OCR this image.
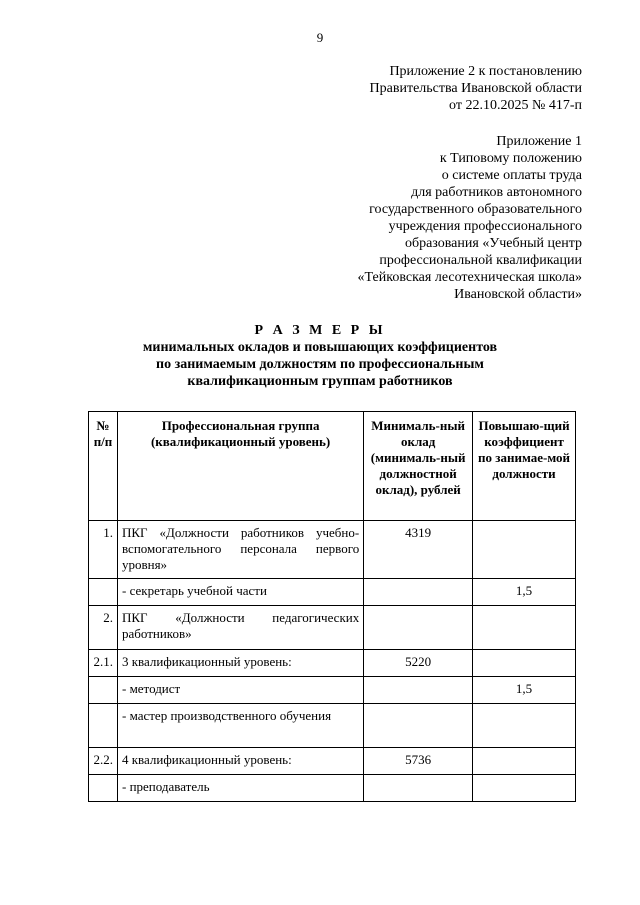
9
Приложение 2 к постановлению
Правительства Ивановской области
от 22.10.2025 № 417-п
Приложение 1
к Типовому положению
о системе оплаты труда
для работников автономного
государственного образовательного
учреждения профессионального
образования «Учебный центр
профессиональной квалификации
«Тейковская лесотехническая школа»
Ивановской области»
Р А З М Е Р Ы
минимальных окладов и повышающих коэффициентов
по занимаемым должностям по профессиональным
квалификационным группам работников
№ п/п	Профессиональная группа (квалификационный уровень)	Минималь-ный оклад (минималь-ный должностной оклад), рублей	Повышаю-щий коэффициент по занимае-мой должности
1.	ПКГ «Должности работников учебно-вспомогательного персонала первого уровня»	4319	
	- секретарь учебной части		1,5
2.	ПКГ «Должности педагогических работников»		
2.1.	3 квалификационный уровень:	5220	
	- методист		1,5
	- мастер производственного обучения		
2.2.	4 квалификационный уровень:	5736	
	- преподаватель		
